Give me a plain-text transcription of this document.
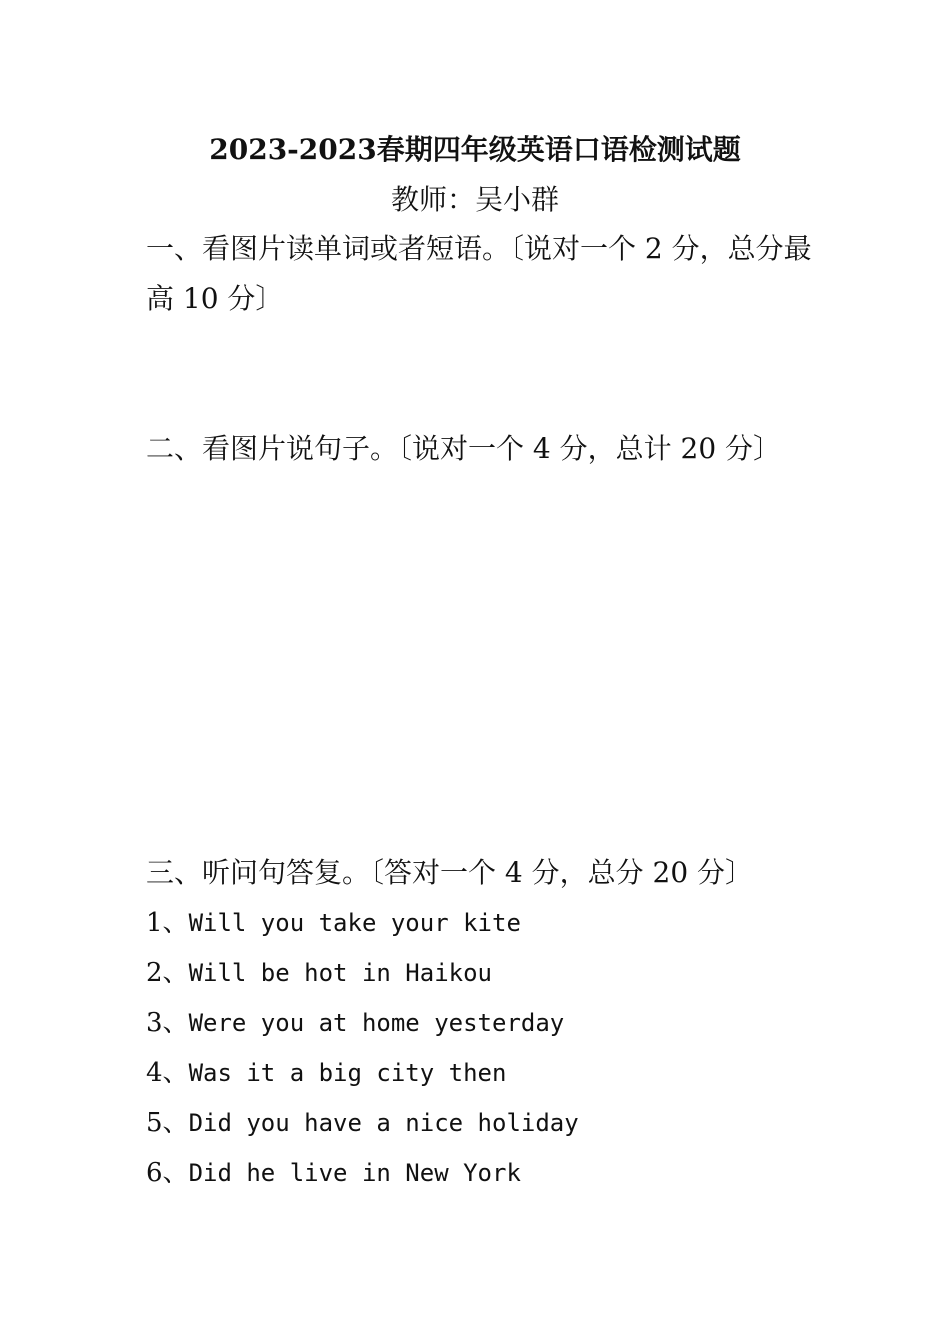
2023-2023春期四年级英语口语检测试题
教师：吴小群
一、看图片读单词或者短语。〔说对一个 2 分，总分最高 10 分〕
二、看图片说句子。〔说对一个 4 分，总计 20 分〕
三、听问句答复。〔答对一个 4 分，总分 20 分〕
1、Will you take your kite
2、Will be hot in Haikou
3、Were you at home yesterday
4、Was it a big city then
5、Did you have a nice holiday
6、Did he live in New York
